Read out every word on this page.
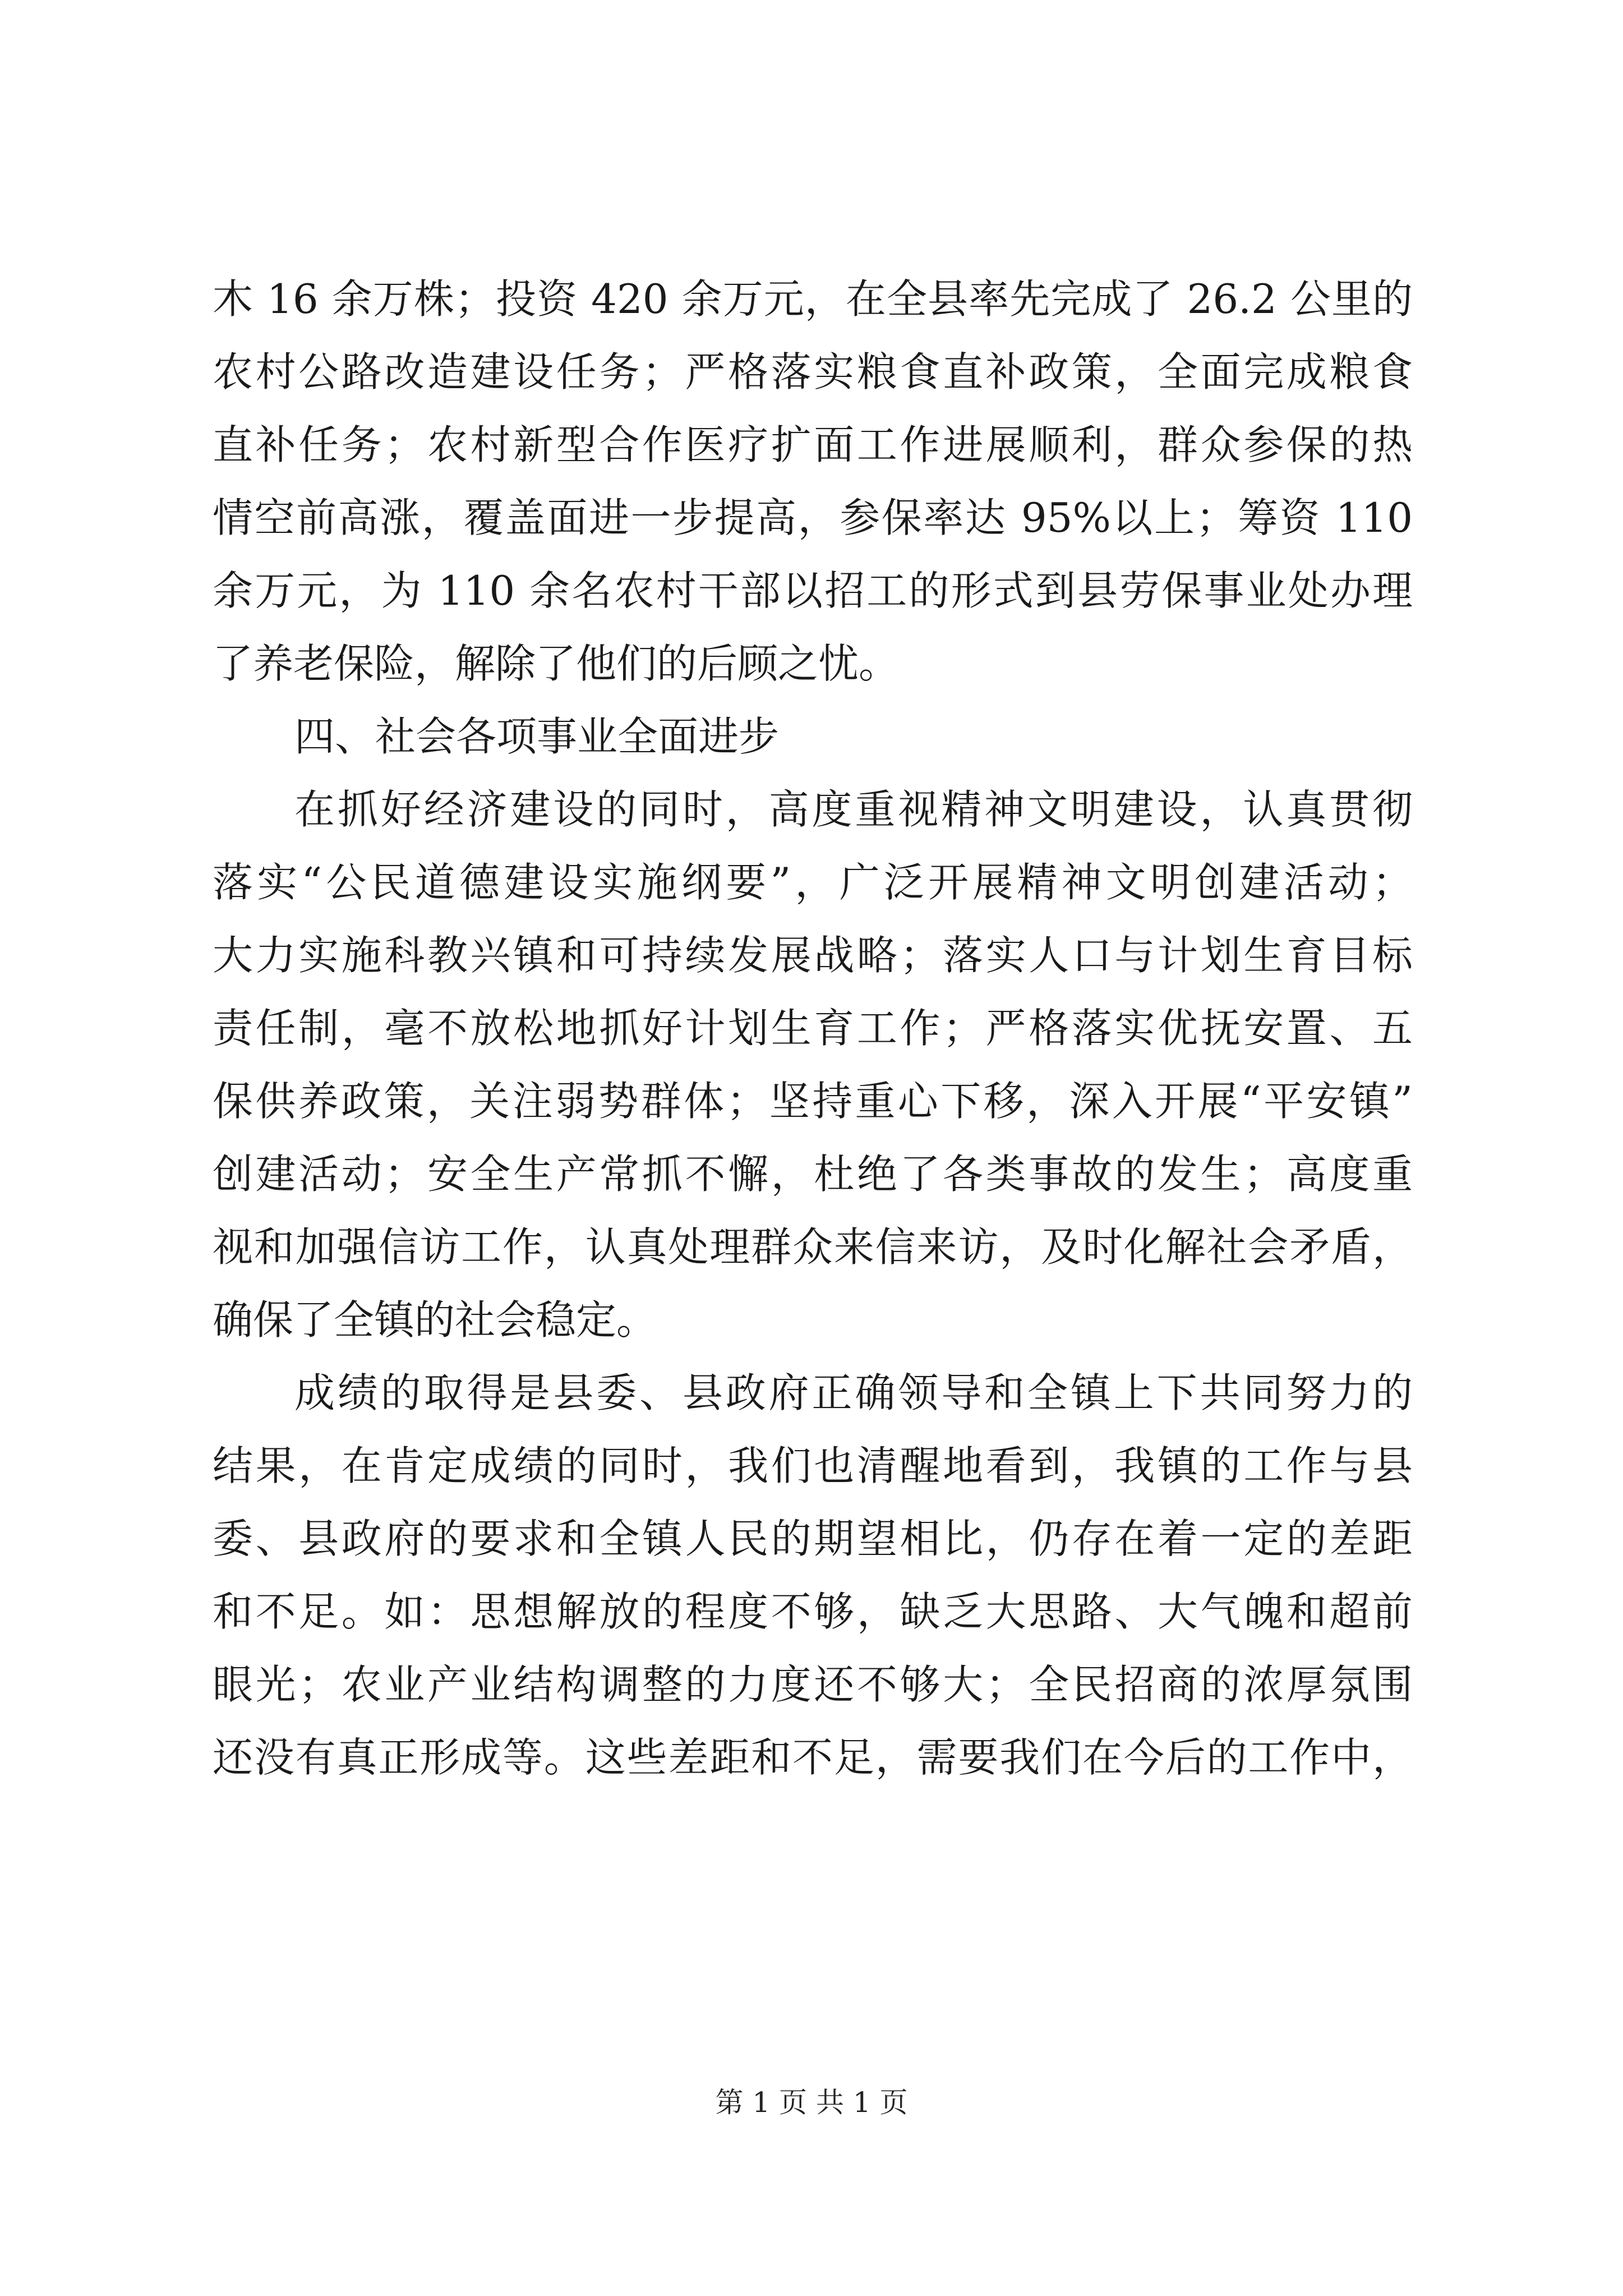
木 16 余万株；投资 420 余万元，在全县率先完成了 26.2 公里的
农村公路改造建设任务；严格落实粮食直补政策，全面完成粮食
直补任务；农村新型合作医疗扩面工作进展顺利，群众参保的热
情空前高涨，覆盖面进一步提高，参保率达 95%以上；筹资 110
余万元，为 110 余名农村干部以招工的形式到县劳保事业处办理
了养老保险，解除了他们的后顾之忧。
四、社会各项事业全面进步
在抓好经济建设的同时，高度重视精神文明建设，认真贯彻
落实“公民道德建设实施纲要”，广泛开展精神文明创建活动；
大力实施科教兴镇和可持续发展战略；落实人口与计划生育目标
责任制，毫不放松地抓好计划生育工作；严格落实优抚安置、五
保供养政策，关注弱势群体；坚持重心下移，深入开展“平安镇”
创建活动；安全生产常抓不懈，杜绝了各类事故的发生；高度重
视和加强信访工作，认真处理群众来信来访，及时化解社会矛盾，
确保了全镇的社会稳定。
成绩的取得是县委、县政府正确领导和全镇上下共同努力的
结果，在肯定成绩的同时，我们也清醒地看到，我镇的工作与县
委、县政府的要求和全镇人民的期望相比，仍存在着一定的差距
和不足。如：思想解放的程度不够，缺乏大思路、大气魄和超前
眼光；农业产业结构调整的力度还不够大；全民招商的浓厚氛围
还没有真正形成等。这些差距和不足，需要我们在今后的工作中，
第 1 页 共 1 页
